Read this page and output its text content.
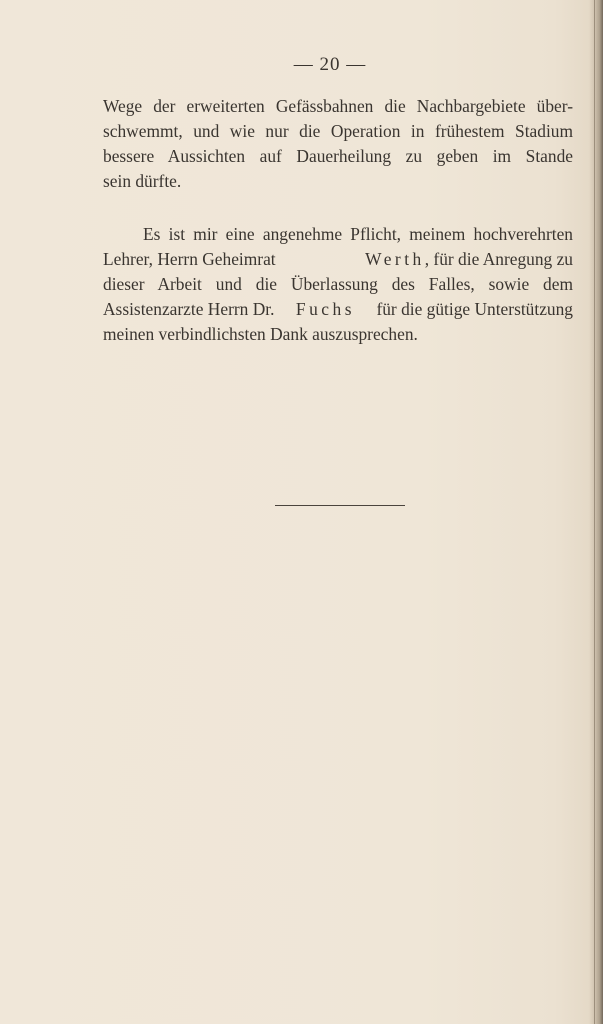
— 20 —

Wege der erweiterten Gefässbahnen die Nachbargebiete über-
schwemmt, und wie nur die Operation in frühestem Stadium
bessere Aussichten auf Dauerheilung zu geben im Stande
sein dürfte.

Es ist mir eine angenehme Pflicht, meinem hochverehrten
Lehrer, Herrn Geheimrat	Werth, für die Anregung zu
dieser Arbeit und die Überlassung des Falles, sowie dem
Assistenzarzte Herrn Dr. Fuchs für die gütige Unterstützung
meinen verbindlichsten Dank auszusprechen.
